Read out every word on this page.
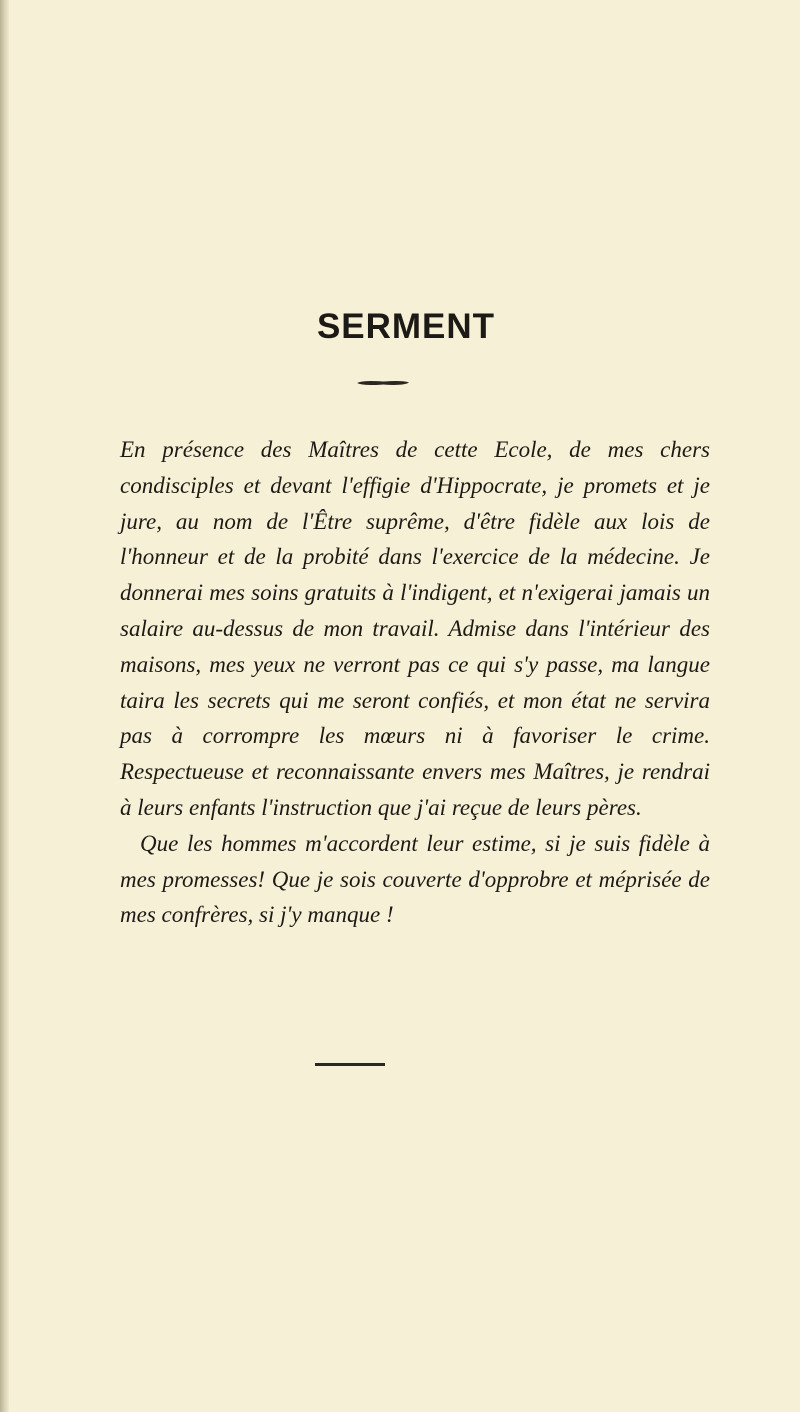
SERMENT

En présence des Maîtres de cette Ecole, de mes chers condisciples et devant l'effigie d'Hippocrate, je promets et je jure, au nom de l'Être suprême, d'être fidèle aux lois de l'honneur et de la probité dans l'exercice de la médecine. Je donnerai mes soins gratuits à l'indigent, et n'exigerai jamais un salaire au-dessus de mon travail. Admise dans l'intérieur des maisons, mes yeux ne verront pas ce qui s'y passe, ma langue taira les secrets qui me seront confiés, et mon état ne servira pas à corrompre les mœurs ni à favoriser le crime. Respectueuse et reconnaissante envers mes Maîtres, je rendrai à leurs enfants l'instruction que j'ai reçue de leurs pères.

Que les hommes m'accordent leur estime, si je suis fidèle à mes promesses! Que je sois couverte d'opprobre et méprisée de mes confrères, si j'y manque !
